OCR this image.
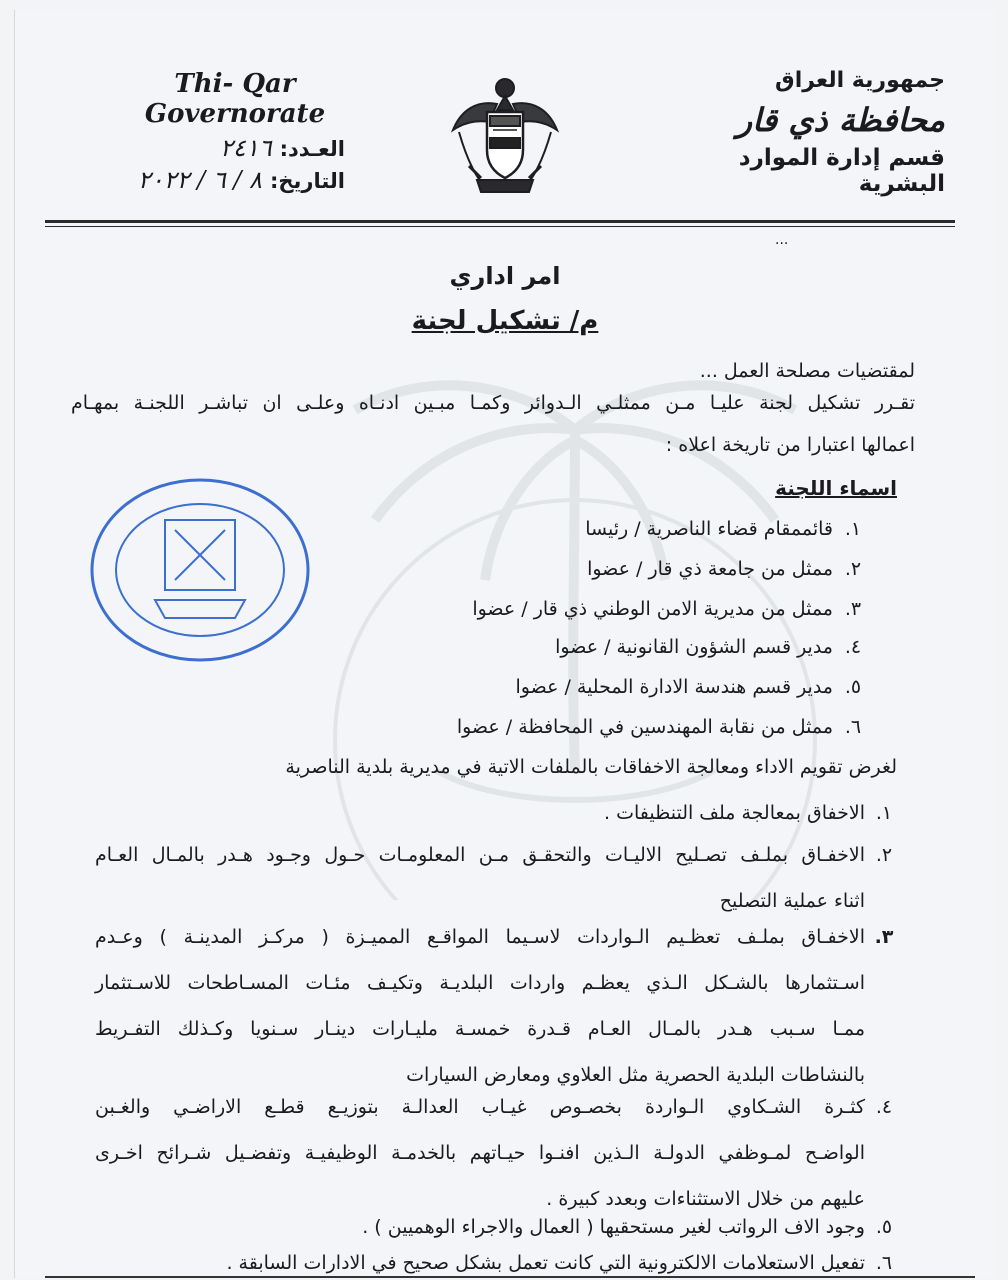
جمهورية العراق
محافظة ذي قار
قسم إدارة الموارد البشرية
Thi- Qar
Governorate
العـدد:
٢٤١٦
التاريخ:
٨ / ٦ / ٢٠٢٢
...
امر اداري
م/ تشكيل لجنة
لمقتضيات مصلحة العمل ...
تقـرر تشكيل لجنة عليـا مـن ممثلـي الـدوائر وكمـا مبـين ادنـاه وعلـى ان تباشـر اللجنـة بمهـام
اعمالها اعتبارا من تاريخة اعلاه :
اسماء اللجنة
١.قائممقام قضاء الناصرية / رئيسا
٢.ممثل من جامعة ذي قار / عضوا
٣.ممثل من مديرية الامن الوطني ذي قار / عضوا
٤.مدير قسم الشؤون القانونية / عضوا
٥.مدير قسم هندسة الادارة المحلية / عضوا
٦.ممثل من نقابة المهندسين في المحافظة / عضوا
لغرض تقويم الاداء ومعالجة الاخفاقات بالملفات الاتية في مديرية بلدية الناصرية
١.
الاخفاق بمعالجة ملف التنظيفات .
٢.
الاخفـاق بملـف تصـليح الاليـات والتحقـق مـن المعلومـات حـول وجـود هـدر بالمـال العـام
اثناء عملية التصليح
٣.
الاخفـاق بملـف تعظـيم الـواردات لاسـيما المواقـع المميـزة ( مركـز المدينـة ) وعـدم
اسـتثمارها بالشـكل الـذي يعظـم واردات البلديـة وتكيـف مئـات المسـاطحات للاسـتثمار
ممـا سـبب هـدر بالمـال العـام قـدرة خمسـة مليـارات دينـار سـنويا وكـذلك التفـريط
بالنشاطات البلدية الحصرية مثل العلاوي ومعارض السيارات
٤.
كثـرة الشـكاوي الـواردة بخصـوص غيـاب العدالـة بتوزيـع قطـع الاراضـي والغـبن
الواضـح لمـوظفي الدولـة الـذين افنـوا حيـاتهم بالخدمـة الوظيفيـة وتفضـيل شـرائح اخـرى
عليهم من خلال الاستثناءات وبعدد كبيرة .
٥.
وجود الاف الرواتب لغير مستحقيها ( العمال والاجراء الوهميين ) .
٦.
تفعيل الاستعلامات الالكترونية التي كانت تعمل بشكل صحيح في الادارات السابقة .
